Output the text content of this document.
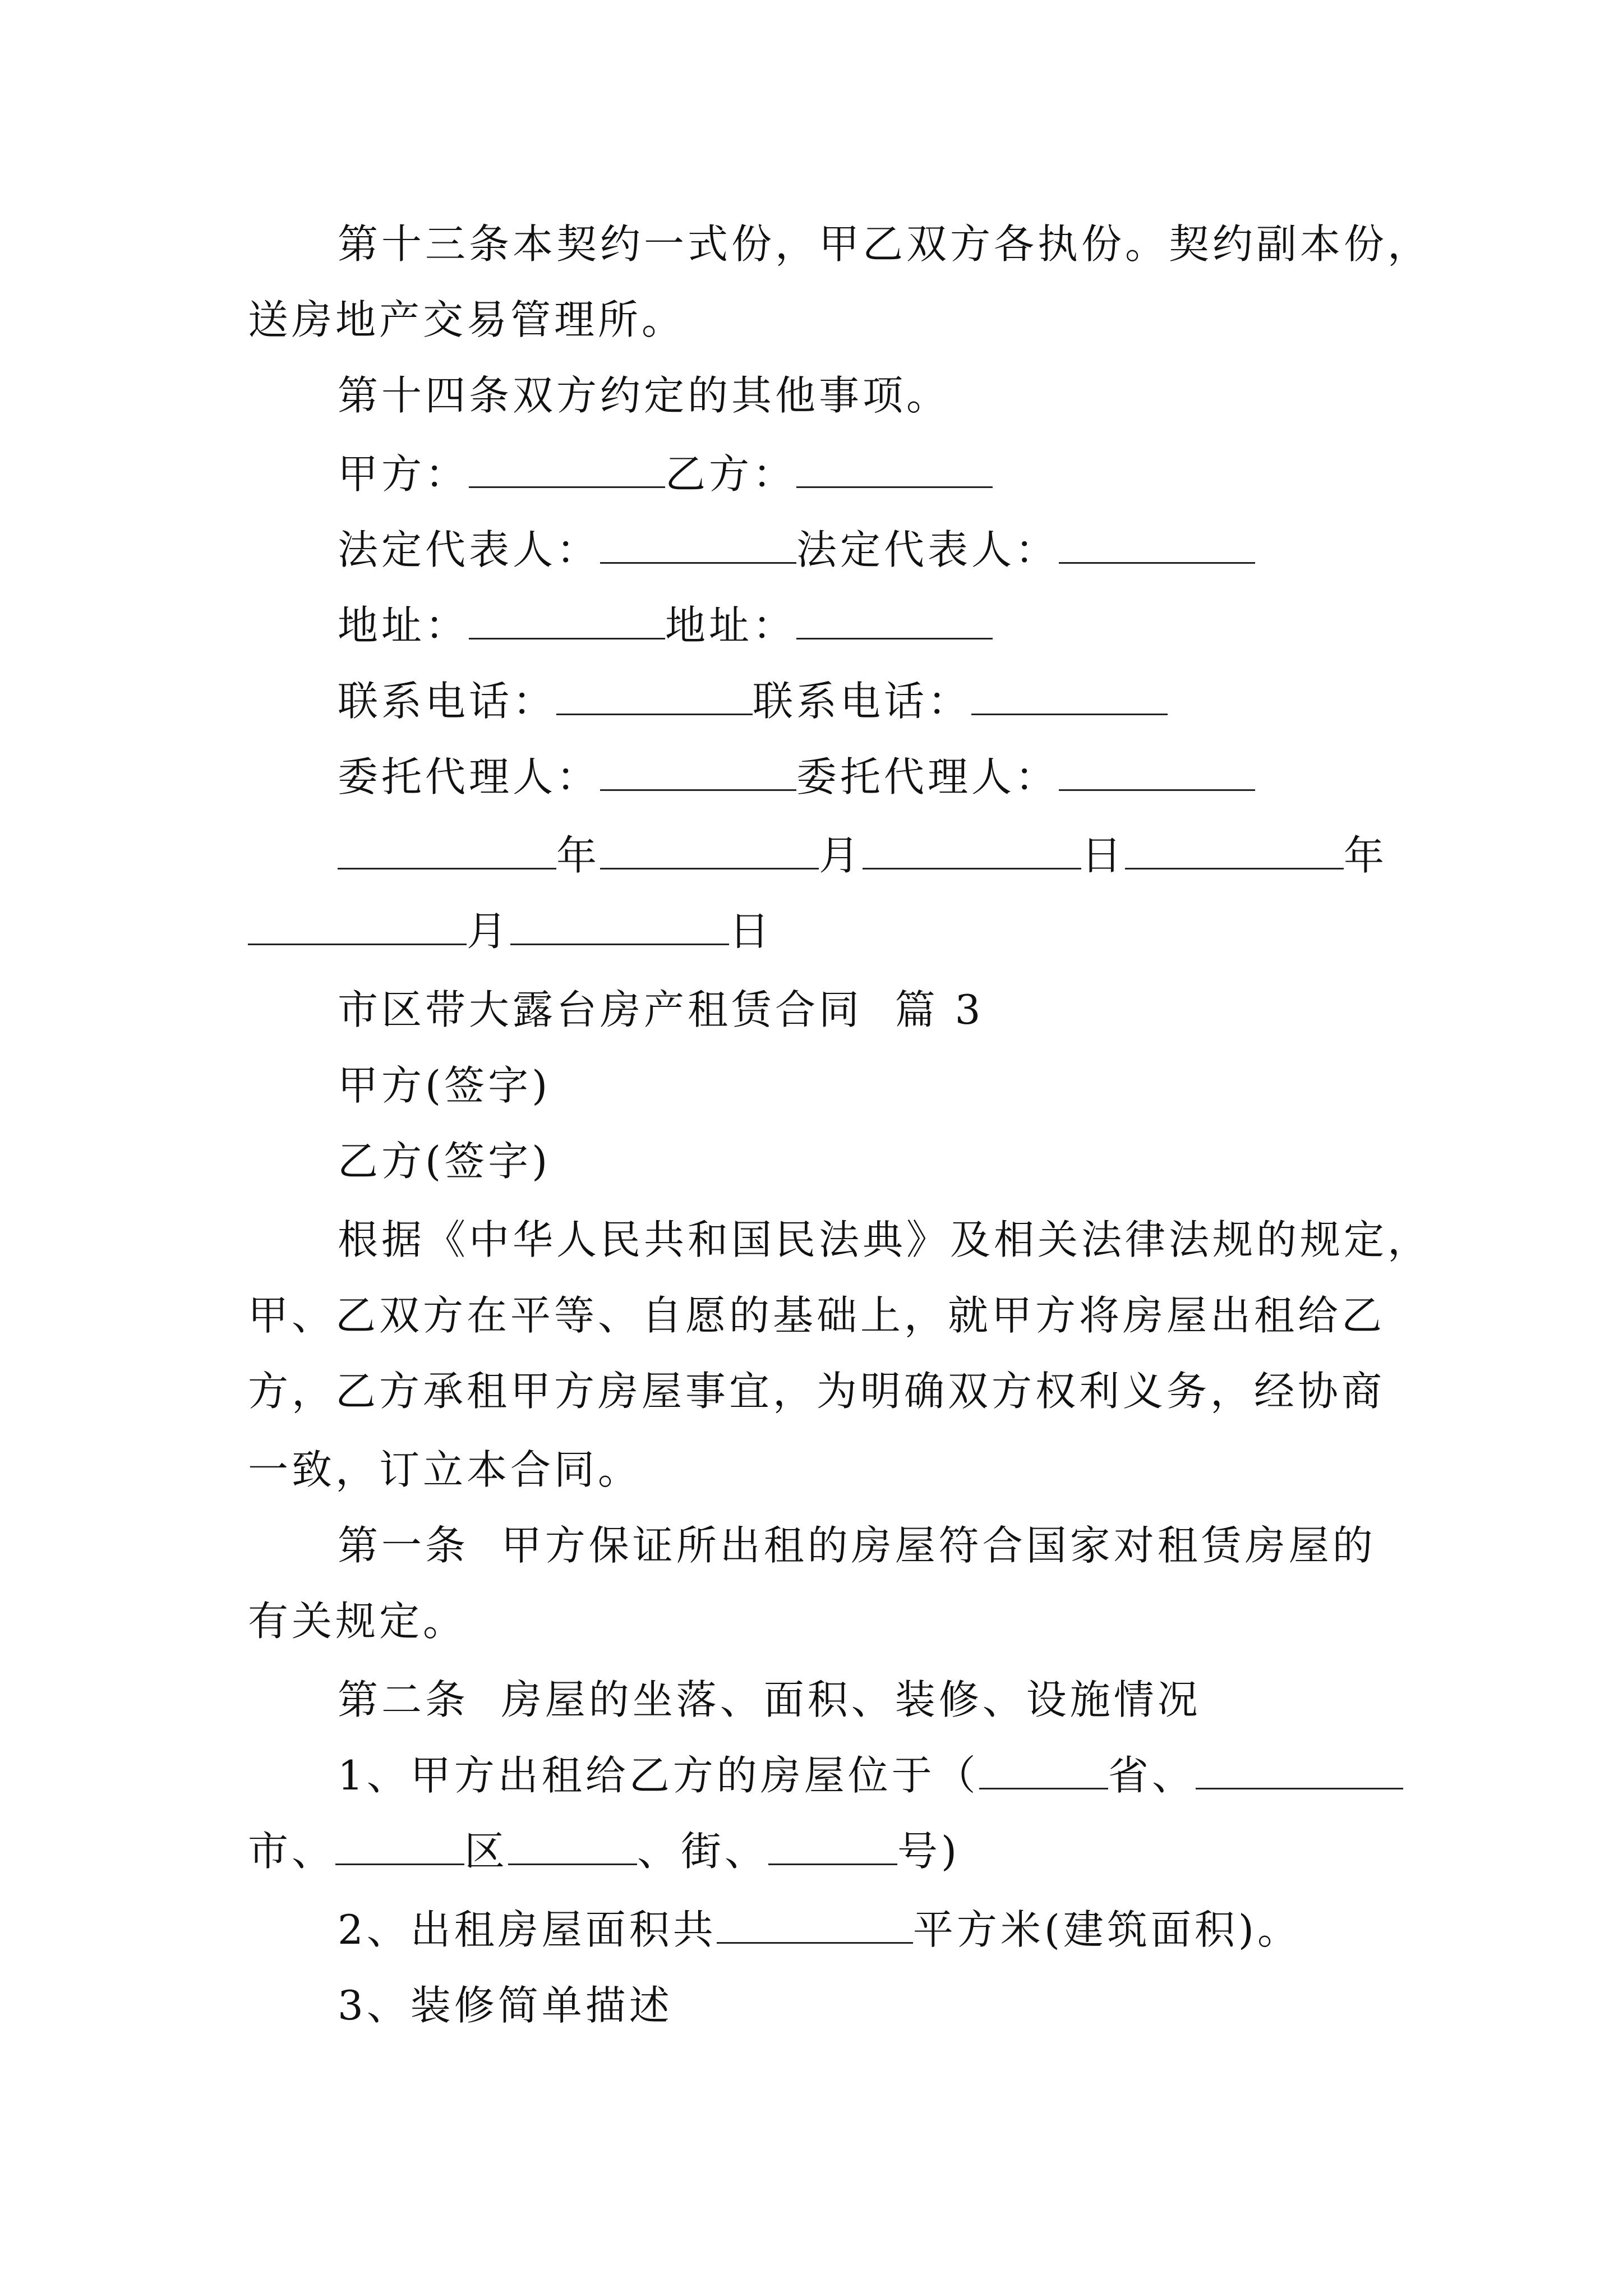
第十三条本契约一式份，甲乙双方各执份。契约副本份，
送房地产交易管理所。
第十四条双方约定的其他事项。
甲方：	乙方：
法定代表人：	法定代表人：
地址：	地址：
联系电话：	联系电话：
委托代理人：	委托代理人：
年	月	日	年
月	日
市区带大露台房产租赁合同  篇 3
甲方(签字)
乙方(签字)
根据《中华人民共和国民法典》及相关法律法规的规定，
甲、乙双方在平等、自愿的基础上，就甲方将房屋出租给乙
方，乙方承租甲方房屋事宜，为明确双方权利义务，经协商
一致，订立本合同。
第一条  甲方保证所出租的房屋符合国家对租赁房屋的
有关规定。
第二条  房屋的坐落、面积、装修、设施情况
1、甲方出租给乙方的房屋位于（	省、
市、	区	、街、	号)
2、出租房屋面积共	平方米(建筑面积)。
3、装修简单描述
